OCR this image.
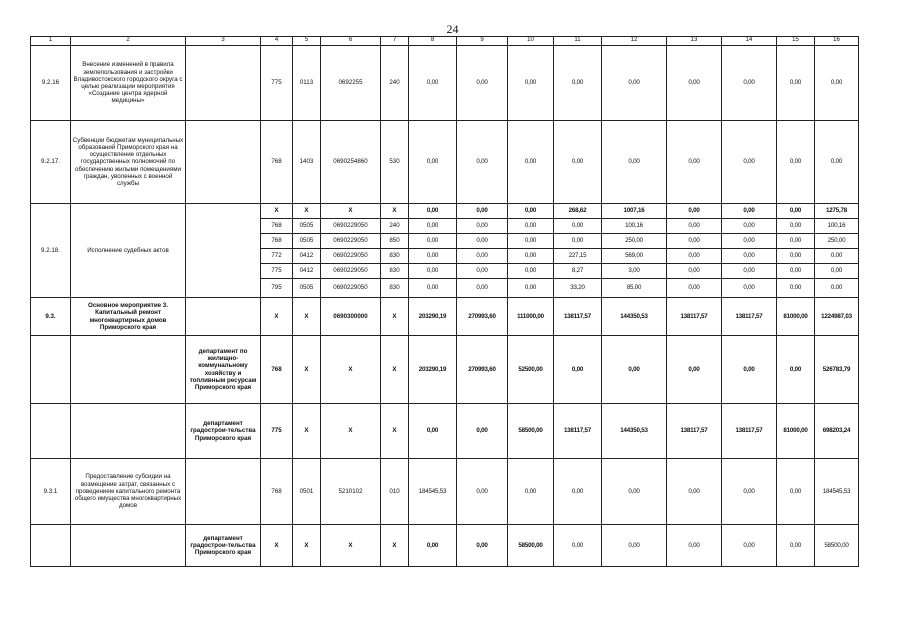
24
1	2	3	4	5	6	7	8	9	10	11	12	13	14	15	16
9.2.16	Внесение изменений в правила землепользования и застройки Владивостокского городского округа с целью реализации мероприятия «Создание центра ядерной медицины»		775	0113	0692255	240	0,00	0,00	0,00	0,00	0,00	0,00	0,00	0,00	0,00
9.2.17.	Субвенции бюджетам муниципальных образований Приморского края на осуществление отдельных государственных полномочий по обеспечению жилыми помещениями граждан, уволенных с военной службы		768	1403	0690254860	530	0,00	0,00	0,00	0,00	0,00	0,00	0,00	0,00	0,00
9.2.18.	Исполнение судебных актов		X	X	X	X	0,00	0,00	0,00	268,62	1007,16	0,00	0,00	0,00	1275,78
			768	0505	0690229050	240	0,00	0,00	0,00	0,00	100,16	0,00	0,00	0,00	100,16
			768	0505	0690229050	850	0,00	0,00	0,00	0,00	250,00	0,00	0,00	0,00	250,00
			772	0412	0690229050	830	0,00	0,00	0,00	227,15	569,00	0,00	0,00	0,00	0,00
			775	0412	0690229050	830	0,00	0,00	0,00	8,27	3,00	0,00	0,00	0,00	0,00
			795	0505	0690229050	830	0,00	0,00	0,00	33,20	85,00	0,00	0,00	0,00	0,00
9.3.	Основное мероприятие 3. Капитальный ремонт многоквартирных домов Приморского края		X	X	0690300000	X	203290,19	270993,60	111000,00	138117,57	144350,53	138117,57	138117,57	81000,00	1224987,03
		департамент по жилищно-коммунальному хозяйству и топливным ресурсам Приморского края	768	X	X	X	203290,19	270993,60	52500,00	0,00	0,00	0,00	0,00	0,00	526783,79
		департамент градострои-тельства Приморского края	775	X	X	X	0,00	0,00	58500,00	138117,57	144350,53	138117,57	138117,57	81000,00	698203,24
9.3.1	Предоставление субсидии на возмещение затрат, связанных с проведением капитального ремонта общего имущества многоквартирных домов		768	0501	5210102	010	184545,53	0,00	0,00	0,00	0,00	0,00	0,00	0,00	184545,53
		департамент градострои-тельства Приморского края	X	X	X	X	0,00	0,00	58500,00	0,00	0,00	0,00	0,00	0,00	58500,00
